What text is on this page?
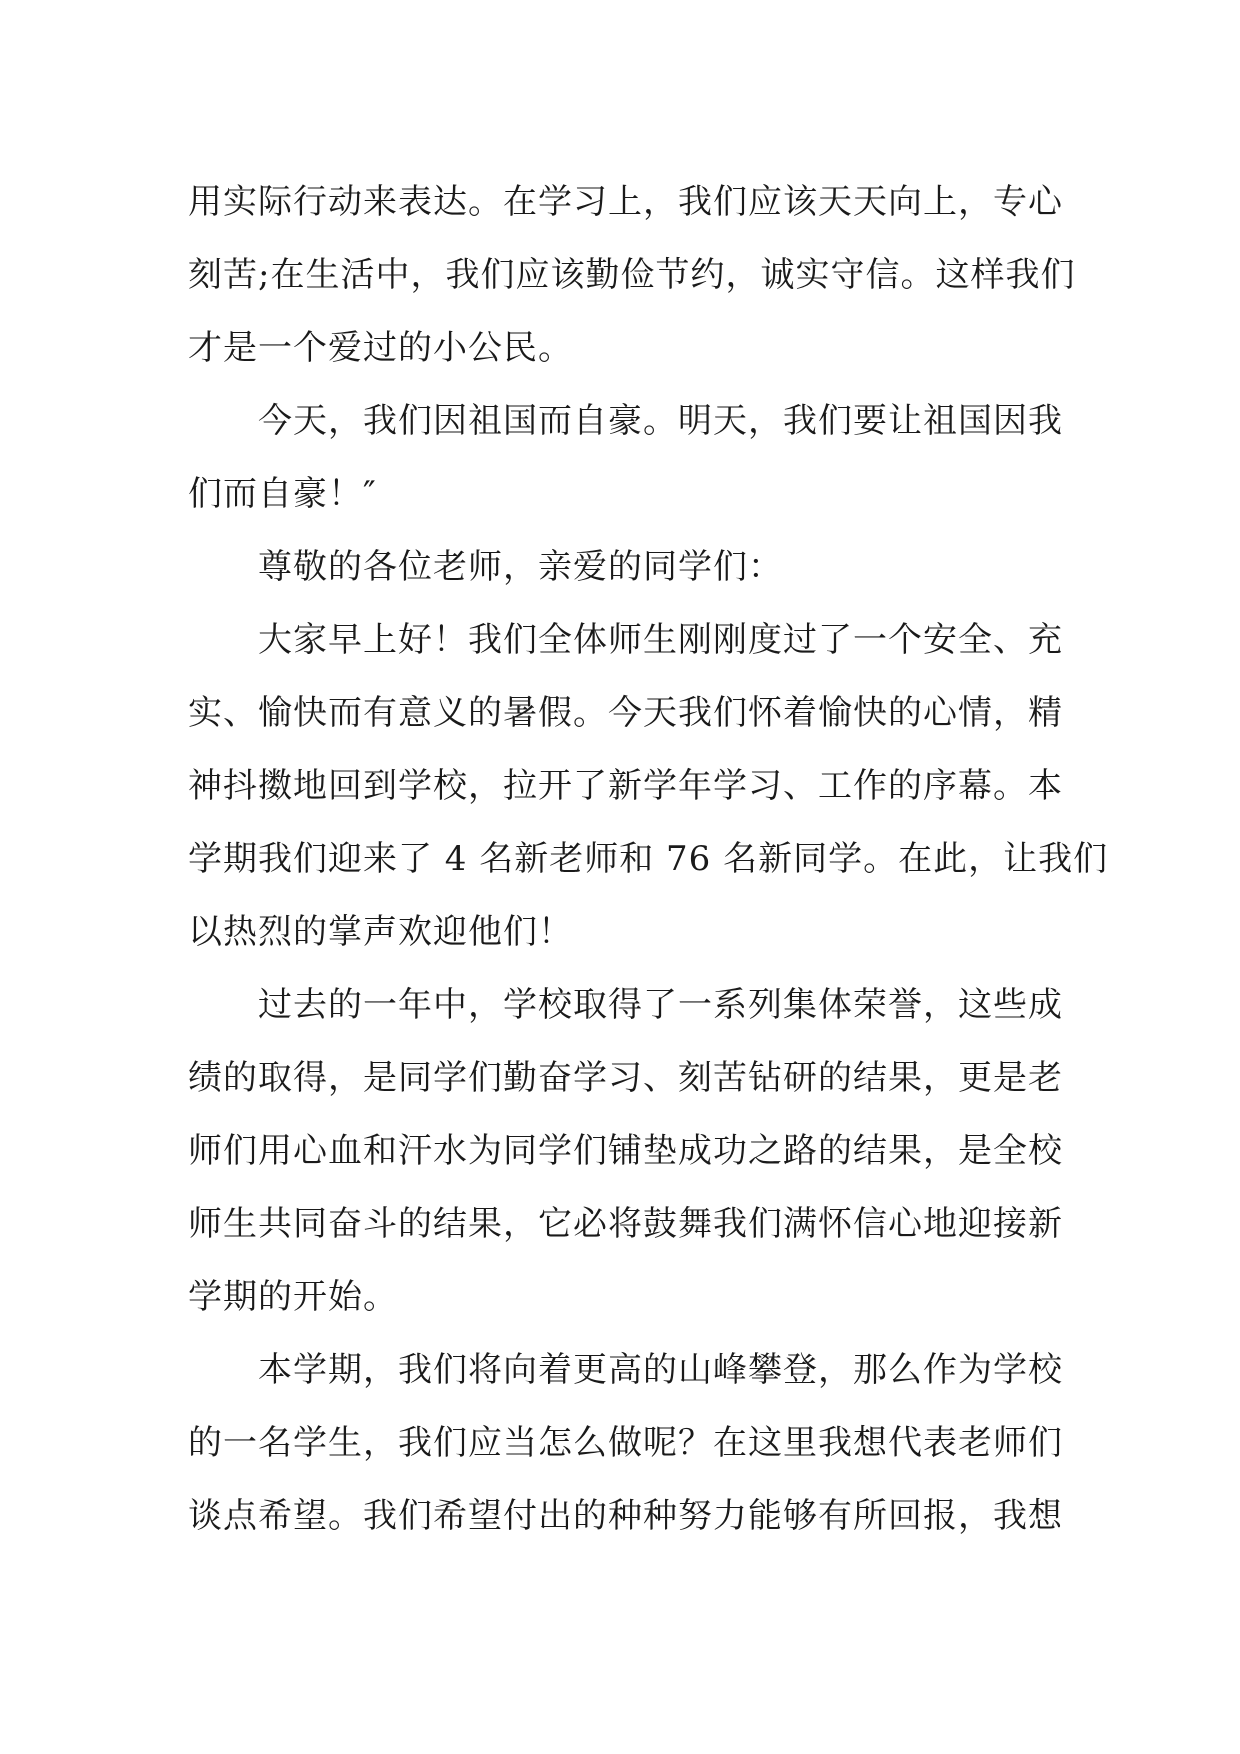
用实际行动来表达。在学习上，我们应该天天向上，专心
刻苦;在生活中，我们应该勤俭节约，诚实守信。这样我们
才是一个爱过的小公民。
今天，我们因祖国而自豪。明天，我们要让祖国因我
们而自豪！″
尊敬的各位老师，亲爱的同学们：
大家早上好！我们全体师生刚刚度过了一个安全、充
实、愉快而有意义的暑假。今天我们怀着愉快的心情，精
神抖擞地回到学校，拉开了新学年学习、工作的序幕。本
学期我们迎来了 4 名新老师和 76 名新同学。在此，让我们
以热烈的掌声欢迎他们！
过去的一年中，学校取得了一系列集体荣誉，这些成
绩的取得，是同学们勤奋学习、刻苦钻研的结果，更是老
师们用心血和汗水为同学们铺垫成功之路的结果，是全校
师生共同奋斗的结果，它必将鼓舞我们满怀信心地迎接新
学期的开始。
本学期，我们将向着更高的山峰攀登，那么作为学校
的一名学生，我们应当怎么做呢？在这里我想代表老师们
谈点希望。我们希望付出的种种努力能够有所回报，我想
